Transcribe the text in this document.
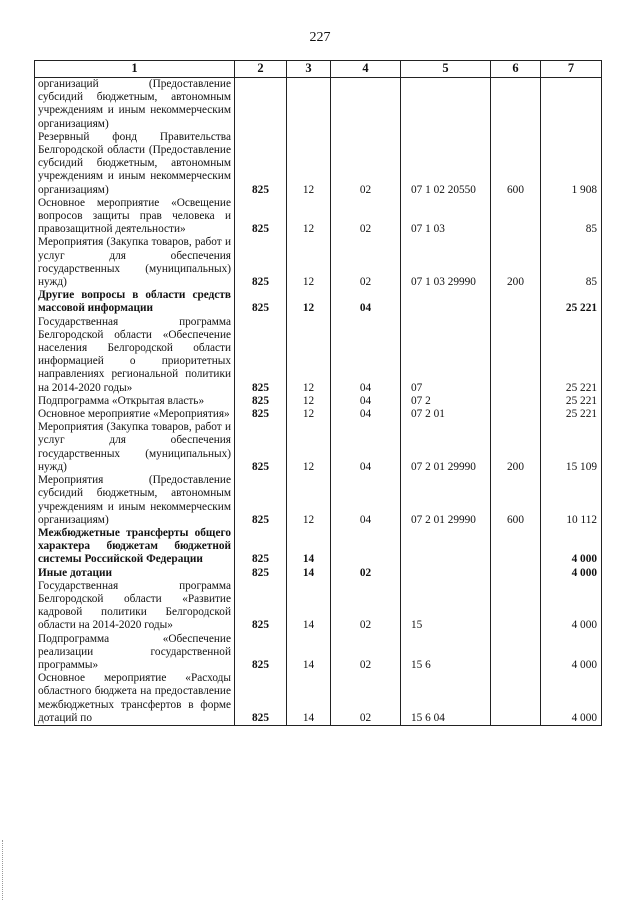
227
1	2	3	4	5	6	7
организаций (Предоставление субсидий бюджетным, автономным учреждениям и иным некоммерческим организациям)						
Резервный фонд Правительства Белгородской области (Предоставление субсидий бюджетным, автономным учреждениям и иным некоммерческим организациям)	825	12	02	07 1 02 20550	600	1 908
Основное мероприятие «Освещение вопросов защиты прав человека и правозащитной деятельности»	825	12	02	07 1 03		85
Мероприятия (Закупка товаров, работ и услуг для обеспечения государственных (муниципальных) нужд)	825	12	02	07 1 03 29990	200	85
Другие вопросы в области средств массовой информации	825	12	04			25 221
Государственная программа Белгородской области «Обеспечение населения Белгородской области информацией о приоритетных направлениях региональной политики на 2014-2020 годы»	825	12	04	07		25 221
Подпрограмма «Открытая власть»	825	12	04	07 2		25 221
Основное мероприятие «Мероприятия»	825	12	04	07 2 01		25 221
Мероприятия (Закупка товаров, работ и услуг для обеспечения государственных (муниципальных) нужд)	825	12	04	07 2 01 29990	200	15 109
Мероприятия (Предоставление субсидий бюджетным, автономным учреждениям и иным некоммерческим организациям)	825	12	04	07 2 01 29990	600	10 112
Межбюджетные трансферты общего характера бюджетам бюджетной системы Российской Федерации	825	14				4 000
Иные дотации	825	14	02			4 000
Государственная программа Белгородской области «Развитие кадровой политики Белгородской области на 2014-2020 годы»	825	14	02	15		4 000
Подпрограмма «Обеспечение реализации государственной программы»	825	14	02	15 6		4 000
Основное мероприятие «Расходы областного бюджета на предоставление межбюджетных трансфертов в форме дотаций по	825	14	02	15 6 04		4 000
